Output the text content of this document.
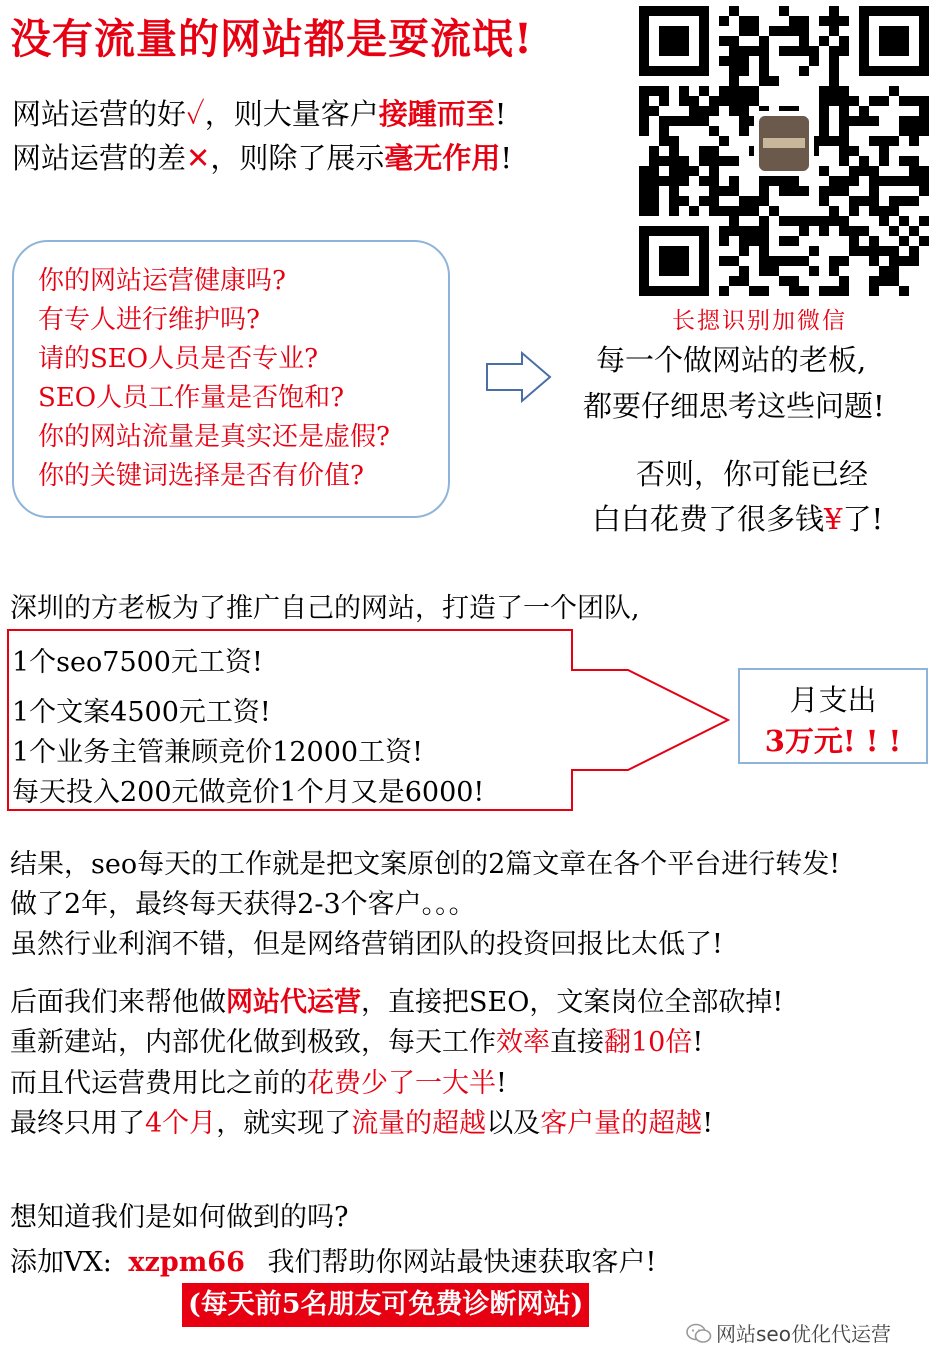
没有流量的网站都是耍流氓!
网站运营的好✓，则大量客户接踵而至!
网站运营的差✕，则除了展示毫无作用!
长摁识别加微信
你的网站运营健康吗?
有专人进行维护吗?
请的SEO人员是否专业?
SEO人员工作量是否饱和?
你的网站流量是真实还是虚假?
你的关键词选择是否有价值?
每一个做网站的老板,
都要仔细思考这些问题!
否则，你可能已经
白白花费了很多钱¥了!
深圳的方老板为了推广自己的网站，打造了一个团队,
1个seo7500元工资!
1个文案4500元工资!
1个业务主管兼顾竞价12000工资!
每天投入200元做竞价1个月又是6000!
月支出
3万元! ! !
结果，seo每天的工作就是把文案原创的2篇文章在各个平台进行转发!
做了2年，最终每天获得2-3个客户。。。
虽然行业利润不错，但是网络营销团队的投资回报比太低了!
后面我们来帮他做网站代运营，直接把SEO，文案岗位全部砍掉!
重新建站，内部优化做到极致，每天工作效率直接翻10倍!
而且代运营费用比之前的花费少了一大半!
最终只用了4个月，就实现了流量的超越以及客户量的超越!
想知道我们是如何做到的吗?
添加VX: xzpm66 我们帮助你网站最快速获取客户!
(每天前5名朋友可免费诊断网站)
网站seo优化代运营
